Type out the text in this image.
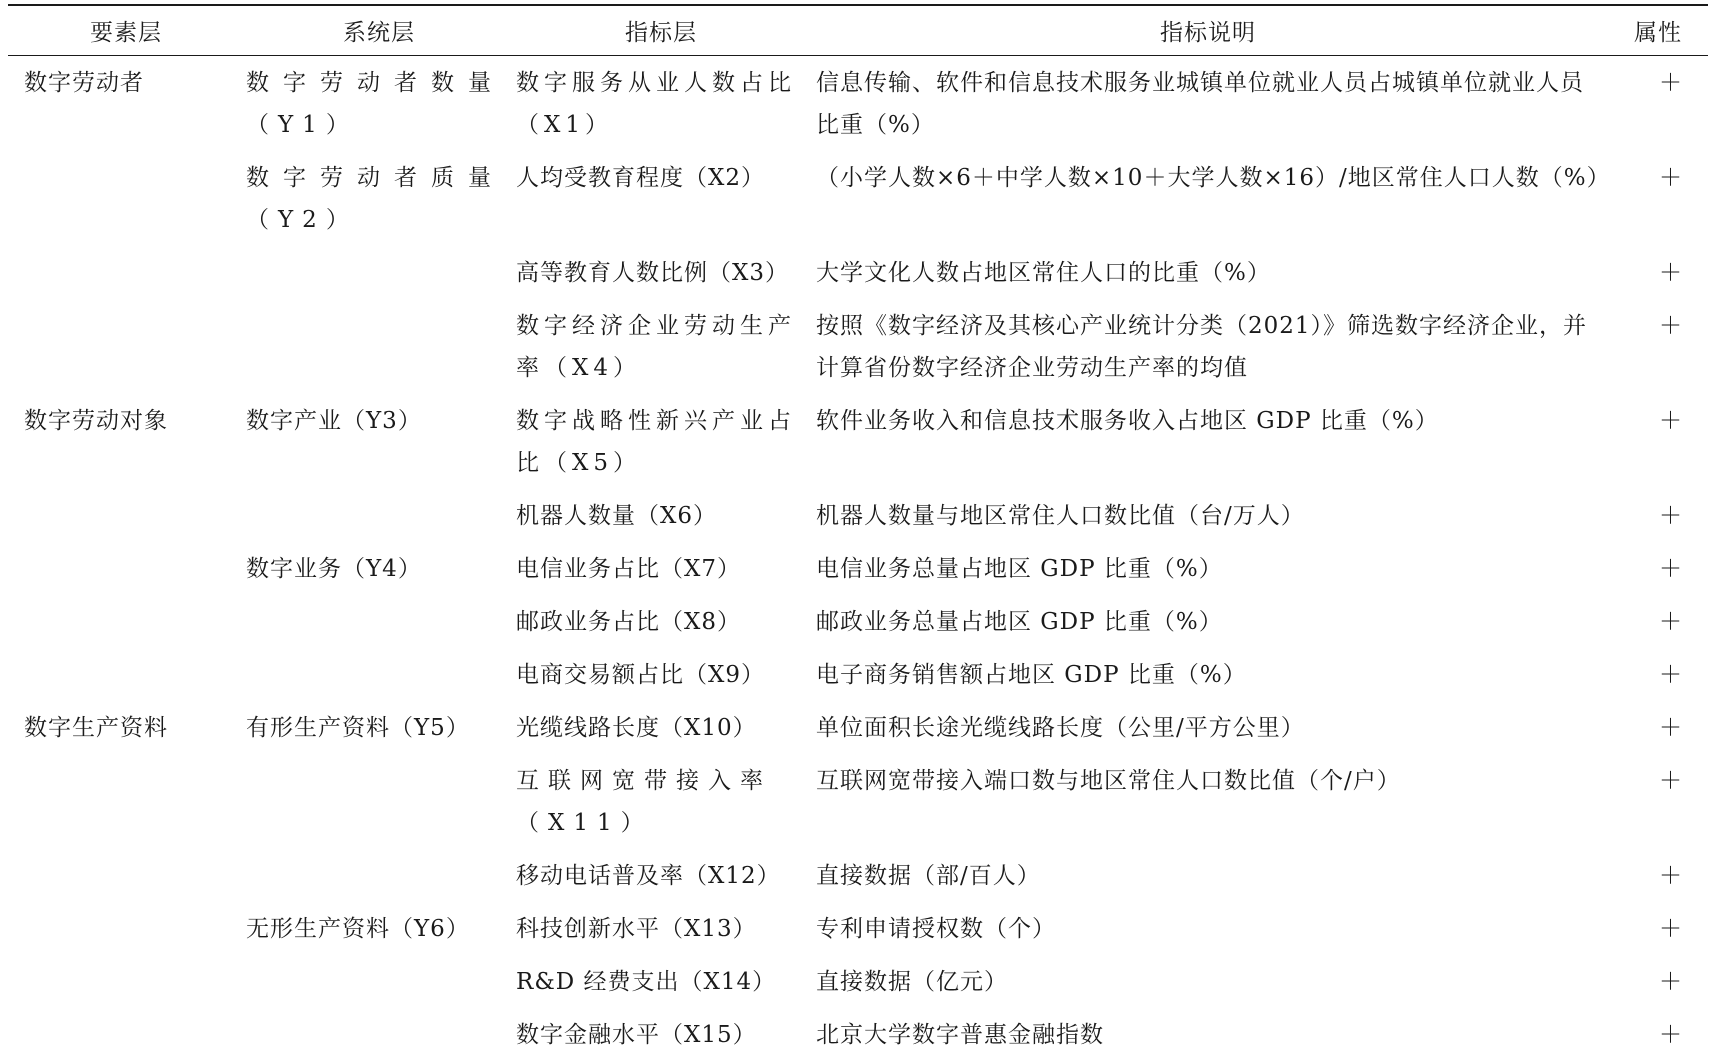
要素层	系统层	指标层	指标说明	属性
数字劳动者	数字劳动者数量（Y1）	数字服务从业人数占比（X1）	信息传输、软件和信息技术服务业城镇单位就业人员占城镇单位就业人员比重（%）	＋
	数字劳动者质量（Y2）	人均受教育程度（X2）	（小学人数×6＋中学人数×10＋大学人数×16）/地区常住人口人数（%）	＋
		高等教育人数比例（X3）	大学文化人数占地区常住人口的比重（%）	＋
		数字经济企业劳动生产率（X4）	按照《数字经济及其核心产业统计分类（2021）》筛选数字经济企业，并计算省份数字经济企业劳动生产率的均值	＋
数字劳动对象	数字产业（Y3）	数字战略性新兴产业占比（X5）	软件业务收入和信息技术服务收入占地区 GDP 比重（%）	＋
		机器人数量（X6）	机器人数量与地区常住人口数比值（台/万人）	＋
	数字业务（Y4）	电信业务占比（X7）	电信业务总量占地区 GDP 比重（%）	＋
		邮政业务占比（X8）	邮政业务总量占地区 GDP 比重（%）	＋
		电商交易额占比（X9）	电子商务销售额占地区 GDP 比重（%）	＋
数字生产资料	有形生产资料（Y5）	光缆线路长度（X10）	单位面积长途光缆线路长度（公里/平方公里）	＋
		互联网宽带接入率（X11）	互联网宽带接入端口数与地区常住人口数比值（个/户）	＋
		移动电话普及率（X12）	直接数据（部/百人）	＋
	无形生产资料（Y6）	科技创新水平（X13）	专利申请授权数（个）	＋
		R&D 经费支出（X14）	直接数据（亿元）	＋
		数字金融水平（X15）	北京大学数字普惠金融指数	＋
